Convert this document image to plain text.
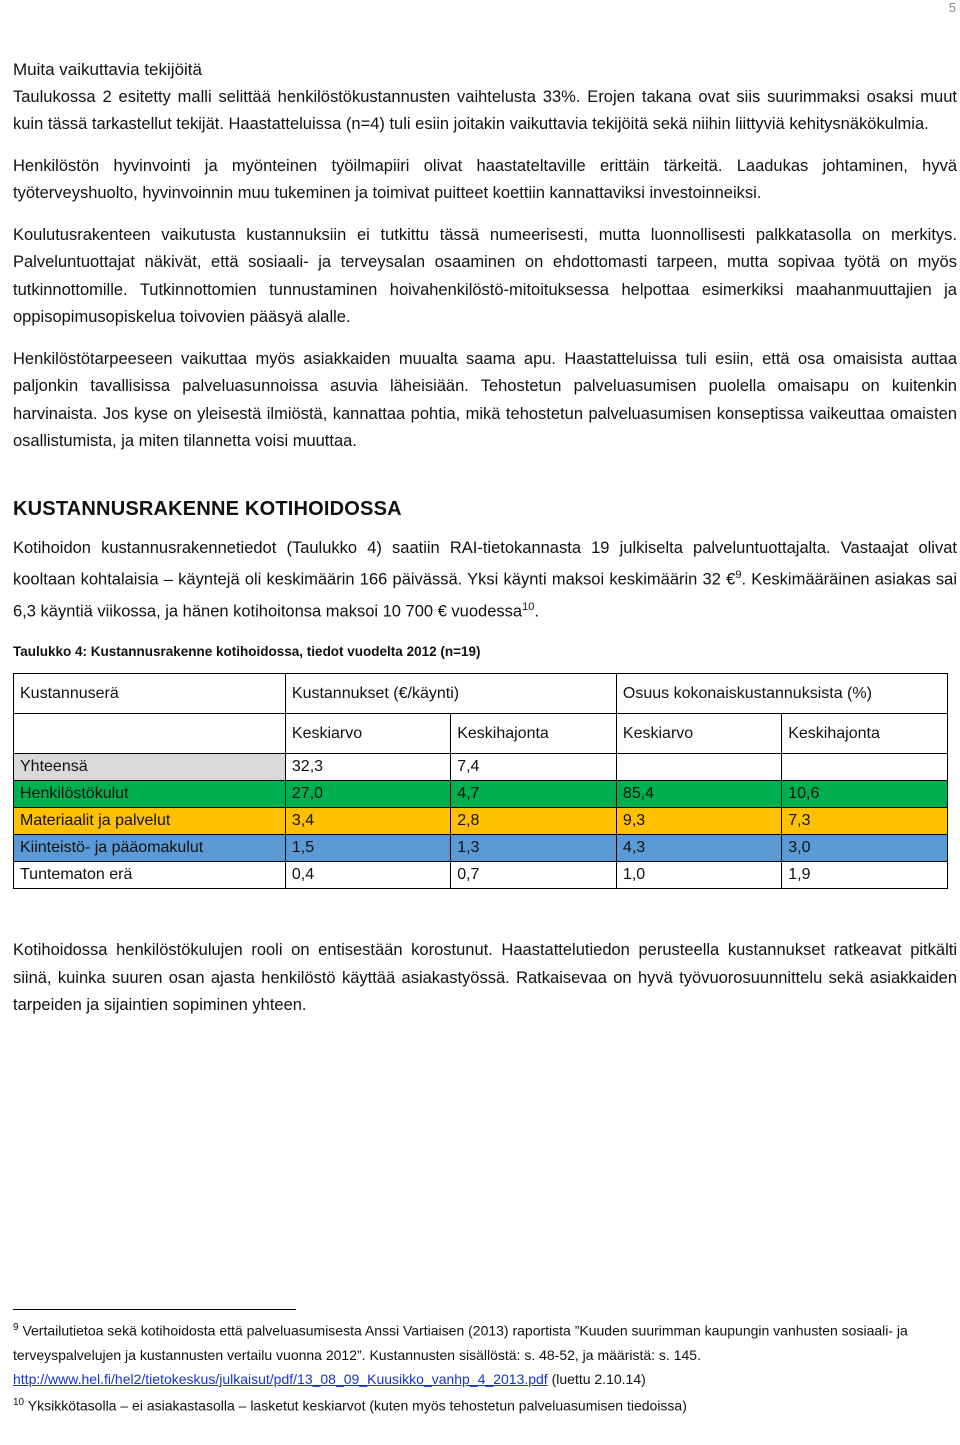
5
Muita vaikuttavia tekijöitä

Taulukossa 2 esitetty malli selittää henkilöstökustannusten vaihtelusta 33%. Erojen takana ovat siis suurimmaksi osaksi muut kuin tässä tarkastellut tekijät. Haastatteluissa (n=4) tuli esiin joitakin vaikuttavia tekijöitä sekä niihin liittyviä kehitysnäkökulmia.

Henkilöstön hyvinvointi ja myönteinen työilmapiiri olivat haastateltaville erittäin tärkeitä. Laadukas johtaminen, hyvä työterveyshuolto, hyvinvoinnin muu tukeminen ja toimivat puitteet koettiin kannattaviksi investoinneiksi.

Koulutusrakenteen vaikutusta kustannuksiin ei tutkittu tässä numeerisesti, mutta luonnollisesti palkkatasolla on merkitys. Palveluntuottajat näkivät, että sosiaali- ja terveysalan osaaminen on ehdottomasti tarpeen, mutta sopivaa työtä on myös tutkinnottomille. Tutkinnottomien tunnustaminen hoivahenkilöstö-mitoituksessa helpottaa esimerkiksi maahanmuuttajien ja oppisopimusopiskelua toivovien pääsyä alalle.

Henkilöstötarpeeseen vaikuttaa myös asiakkaiden muualta saama apu. Haastatteluissa tuli esiin, että osa omaisista auttaa paljonkin tavallisissa palveluasunnoissa asuvia läheisiään. Tehostetun palveluasumisen puolella omaisapu on kuitenkin harvinaista. Jos kyse on yleisestä ilmiöstä, kannattaa pohtia, mikä tehostetun palveluasumisen konseptissa vaikeuttaa omaisten osallistumista, ja miten tilannetta voisi muuttaa.

KUSTANNUSRAKENNE KOTIHOIDOSSA

Kotihoidon kustannusrakennetiedot (Taulukko 4) saatiin RAI-tietokannasta 19 julkiselta palveluntuottajalta. Vastaajat olivat kooltaan kohtalaisia – käyntejä oli keskimäärin 166 päivässä. Yksi käynti maksoi keskimäärin 32 €$^9$. Keskimääräinen asiakas sai 6,3 käyntiä viikossa, ja hänen kotihoitonsa maksoi 10 700 € vuodessa$^{10}$.

Taulukko 4: Kustannusrakenne kotihoidossa, tiedot vuodelta 2012 (n=19)
Kustannuserä	Kustannukset (€/käynti)		Osuus kokonaiskustannuksista (%)	
	Keskiarvo	Keskihajonta	Keskiarvo	Keskihajonta
Yhteensä	32,3	7,4		
Henkilöstökulut	27,0	4,7	85,4	10,6
Materiaalit ja palvelut	3,4	2,8	9,3	7,3
Kiinteistö- ja pääomakulut	1,5	1,3	4,3	3,0
Tuntematon erä	0,4	0,7	1,0	1,9

Kotihoidossa henkilöstökulujen rooli on entisestään korostunut. Haastattelutiedon perusteella kustannukset ratkeavat pitkälti siinä, kuinka suuren osan ajasta henkilöstö käyttää asiakastyössä. Ratkaisevaa on hyvä työvuorosuunnittelu sekä asiakkaiden tarpeiden ja sijaintien sopiminen yhteen.

$^9$ Vertailutietoa sekä kotihoidosta että palveluasumisesta Anssi Vartiaisen (2013) raportista ”Kuuden suurimman kaupungin vanhusten sosiaali- ja terveyspalvelujen ja kustannusten vertailu vuonna 2012”. Kustannusten sisällöstä: s. 48-52, ja määristä: s. 145. http://www.hel.fi/hel2/tietokeskus/julkaisut/pdf/13_08_09_Kuusikko_vanhp_4_2013.pdf (luettu 2.10.14)
$^{10}$ Yksikkötasolla – ei asiakastasolla – lasketut keskiarvot (kuten myös tehostetun palveluasumisen tiedoissa)
